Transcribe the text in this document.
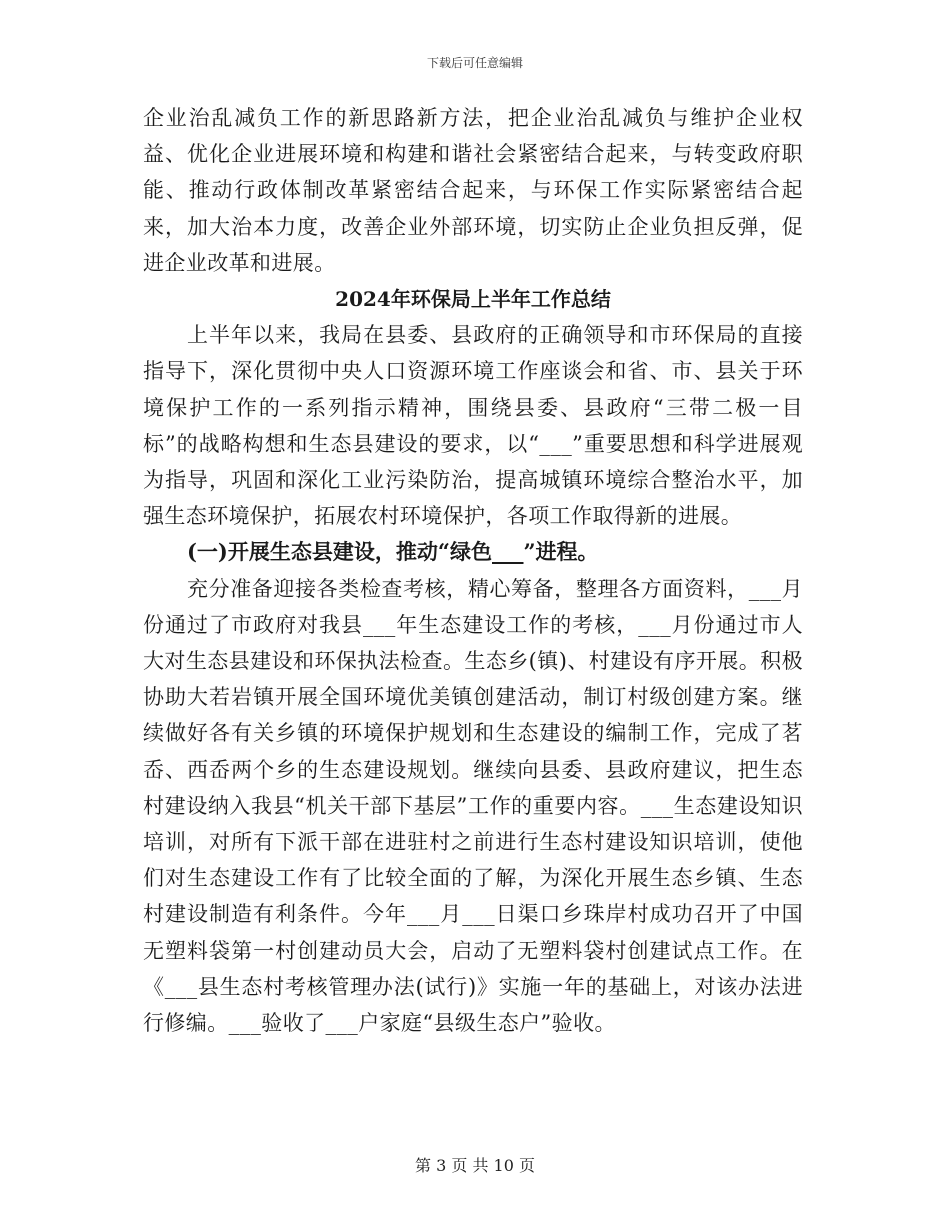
下载后可任意编辑

企业治乱减负工作的新思路新方法，把企业治乱减负与维护企业权益、优化企业进展环境和构建和谐社会紧密结合起来，与转变政府职能、推动行政体制改革紧密结合起来，与环保工作实际紧密结合起来，加大治本力度，改善企业外部环境，切实防止企业负担反弹，促进企业改革和进展。

2024年环保局上半年工作总结

上半年以来，我局在县委、县政府的正确领导和市环保局的直接指导下，深化贯彻中央人口资源环境工作座谈会和省、市、县关于环境保护工作的一系列指示精神，围绕县委、县政府“三带二极一目标”的战略构想和生态县建设的要求，以“___”重要思想和科学进展观为指导，巩固和深化工业污染防治，提高城镇环境综合整治水平，加强生态环境保护，拓展农村环境保护，各项工作取得新的进展。

(一)开展生态县建设，推动“绿色___”进程。

充分准备迎接各类检查考核，精心筹备，整理各方面资料，___月份通过了市政府对我县___年生态建设工作的考核，___月份通过市人大对生态县建设和环保执法检查。生态乡(镇)、村建设有序开展。积极协助大若岩镇开展全国环境优美镇创建活动，制订村级创建方案。继续做好各有关乡镇的环境保护规划和生态建设的编制工作，完成了茗岙、西岙两个乡的生态建设规划。继续向县委、县政府建议，把生态村建设纳入我县“机关干部下基层”工作的重要内容。___生态建设知识培训，对所有下派干部在进驻村之前进行生态村建设知识培训，使他们对生态建设工作有了比较全面的了解，为深化开展生态乡镇、生态村建设制造有利条件。今年___月___日渠口乡珠岸村成功召开了中国无塑料袋第一村创建动员大会，启动了无塑料袋村创建试点工作。在《___县生态村考核管理办法(试行)》实施一年的基础上，对该办法进行修编。___验收了___户家庭“县级生态户”验收。

第 3 页 共 10 页
